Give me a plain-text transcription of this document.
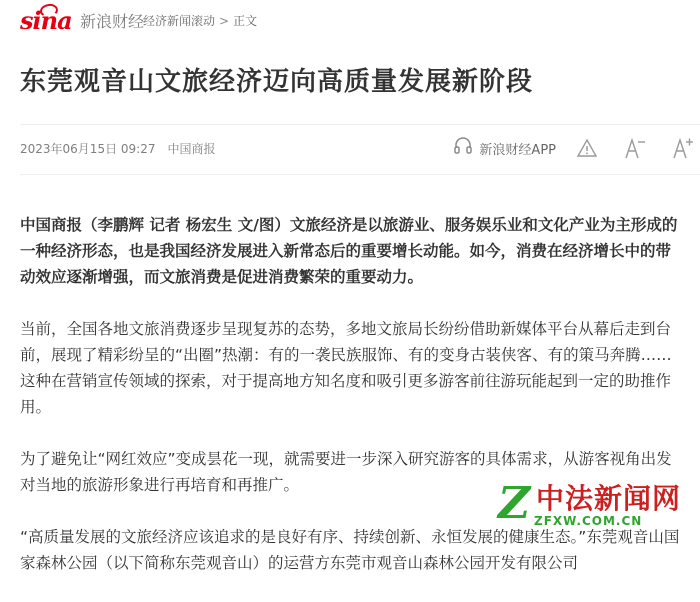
sina 新浪财经
经济新闻滚动 > 正文
东莞观音山文旅经济迈向高质量发展新阶段
2023年06月15日 09:27 中国商报	新浪财经APP

中国商报（李鹏辉 记者 杨宏生 文/图）文旅经济是以旅游业、服务娱乐业和文化产业为主形成的一种经济形态，也是我国经济发展进入新常态后的重要增长动能。如今，消费在经济增长中的带动效应逐渐增强，而文旅消费是促进消费繁荣的重要动力。

当前，全国各地文旅消费逐步呈现复苏的态势，多地文旅局长纷纷借助新媒体平台从幕后走到台前，展现了精彩纷呈的“出圈”热潮：有的一袭民族服饰、有的变身古装侠客、有的策马奔腾……这种在营销宣传领域的探索，对于提高地方知名度和吸引更多游客前往游玩能起到一定的助推作用。

为了避免让“网红效应”变成昙花一现，就需要进一步深入研究游客的具体需求，从游客视角出发对当地的旅游形象进行再培育和再推广。

“高质量发展的文旅经济应该追求的是良好有序、持续创新、永恒发展的健康生态。”东莞观音山国家森林公园（以下简称东莞观音山）的运营方东莞市观音山森林公园开发有限公司

Z 中法新闻网
ZFXW.COM.CN
